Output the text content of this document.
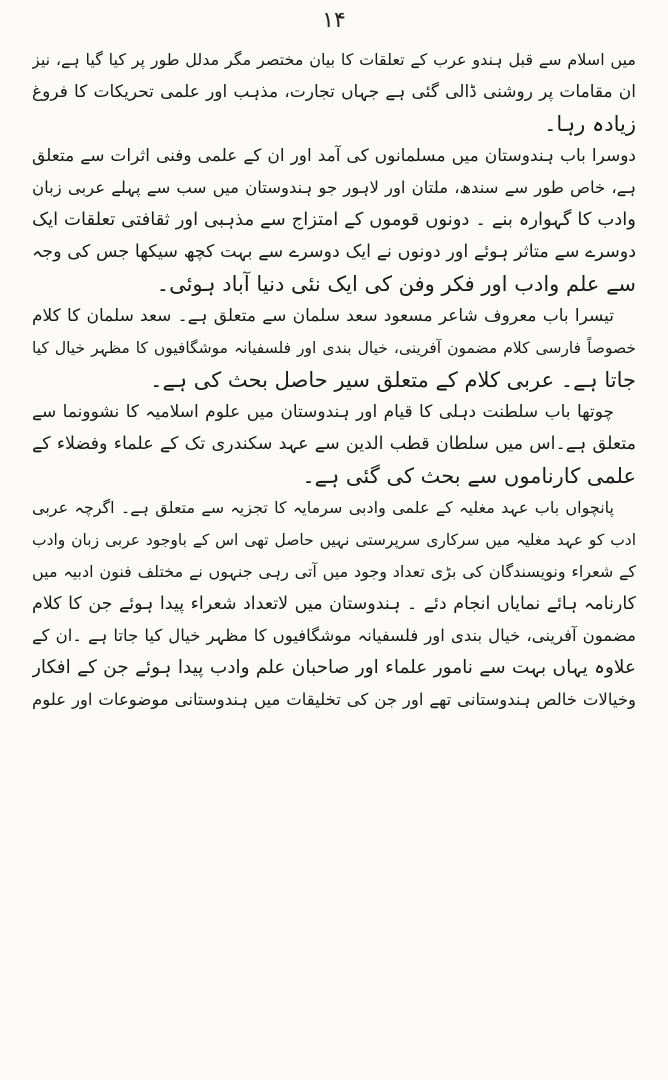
۱۴
میں اسلام سے قبل ہندو عرب کے تعلقات کا بیان مختصر مگر مدلل طور پر کیا گیا ہے، نیز
ان مقامات پر روشنی ڈالی گئی ہے جہاں تجارت، مذہب اور علمی تحریکات کا فروغ
زیادہ رہا۔
دوسرا باب ہندوستان میں مسلمانوں کی آمد اور ان کے علمی وفنی اثرات سے متعلق
ہے، خاص طور سے سندھ، ملتان اور لاہور جو ہندوستان میں سب سے پہلے عربی زبان
وادب کا گہوارہ بنے ۔ دونوں قوموں کے امتزاج سے مذہبی اور ثقافتی تعلقات ایک
دوسرے سے متاثر ہوئے اور دونوں نے ایک دوسرے سے بہت کچھ سیکھا جس کی وجہ
سے علم وادب اور فکر وفن کی ایک نئی دنیا آباد ہوئی۔
تیسرا باب معروف شاعر مسعود سعد سلمان سے متعلق ہے۔ سعد سلمان کا کلام
خصوصاً فارسی کلام مضمون آفرینی، خیال بندی اور فلسفیانہ موشگافیوں کا مظہر خیال کیا
جاتا ہے۔ عربی کلام کے متعلق سیر حاصل بحث کی ہے۔
چوتھا باب سلطنت دہلی کا قیام اور ہندوستان میں علوم اسلامیہ کا نشوونما سے
متعلق ہے۔اس میں سلطان قطب الدین سے عہد سکندری تک کے علماء وفضلاء کے
علمی کارناموں سے بحث کی گئی ہے۔
پانچواں باب عہد مغلیہ کے علمی وادبی سرمایہ کا تجزیہ سے متعلق ہے۔ اگرچہ عربی
ادب کو عہد مغلیہ میں سرکاری سرپرستی نہیں حاصل تھی اس کے باوجود عربی زبان وادب
کے شعراء ونویسندگان کی بڑی تعداد وجود میں آتی رہی جنہوں نے مختلف فنون ادبیہ میں
کارنامہ ہائے نمایاں انجام دئے ۔ ہندوستان میں لاتعداد شعراء پیدا ہوئے جن کا کلام
مضمون آفرینی، خیال بندی اور فلسفیانہ موشگافیوں کا مظہر خیال کیا جاتا ہے ۔ان کے
علاوہ یہاں بہت سے نامور علماء اور صاحبان علم وادب پیدا ہوئے جن کے افکار
وخیالات خالص ہندوستانی تھے اور جن کی تخلیقات میں ہندوستانی موضوعات اور علوم
